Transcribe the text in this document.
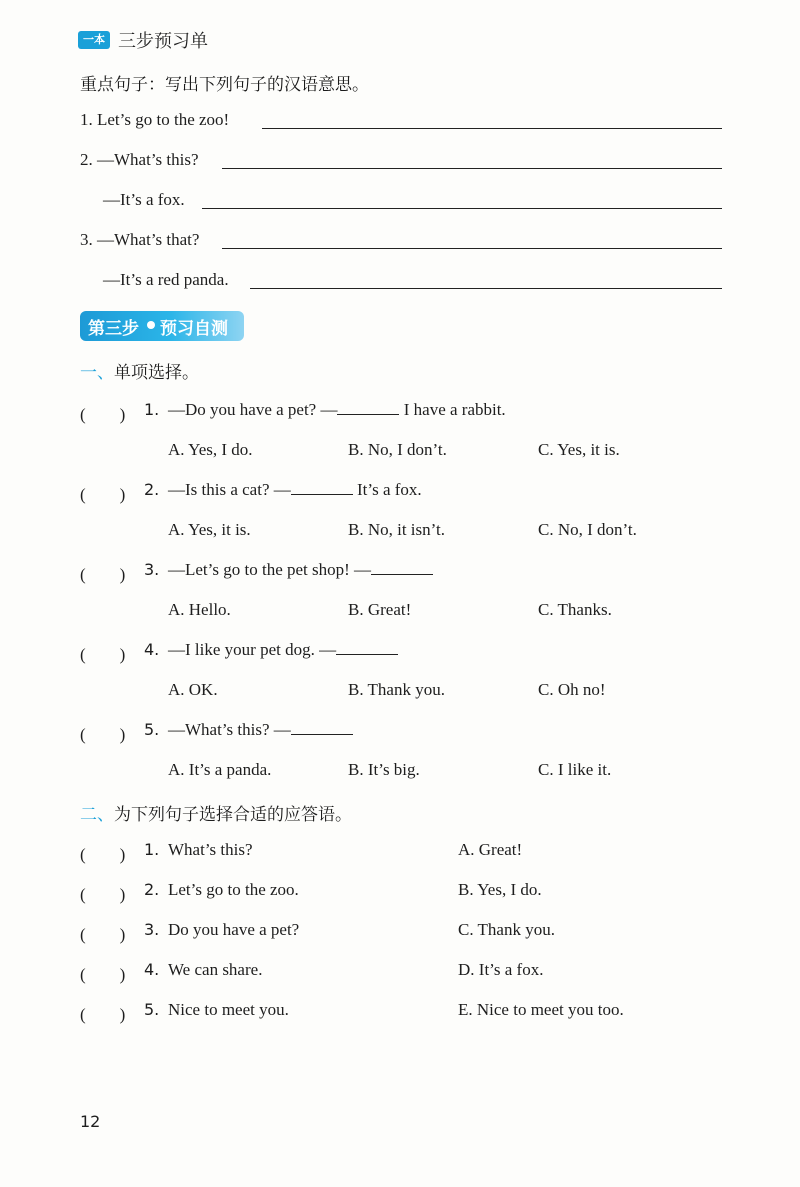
一本 三步预习单
重点句子：写出下列句子的汉语意思。
1. Let’s go to the zoo!
2. —What’s this?
—It’s a fox.
3. —What’s that?
—It’s a red panda.
第三步 预习自测
一、单项选择。
(　　) 1. —Do you have a pet? —	I have a rabbit.
A. Yes, I do.	B. No, I don’t.	C. Yes, it is.
(　　) 2. —Is this a cat? —	It’s a fox.
A. Yes, it is.	B. No, it isn’t.	C. No, I don’t.
(　　) 3. —Let’s go to the pet shop! —
A. Hello.	B. Great!	C. Thanks.
(　　) 4. —I like your pet dog. —
A. OK.	B. Thank you.	C. Oh no!
(　　) 5. —What’s this? —
A. It’s a panda.	B. It’s big.	C. I like it.
二、为下列句子选择合适的应答语。
(　　) 1. What’s this?	A. Great!
(　　) 2. Let’s go to the zoo.	B. Yes, I do.
(　　) 3. Do you have a pet?	C. Thank you.
(　　) 4. We can share.	D. It’s a fox.
(　　) 5. Nice to meet you.	E. Nice to meet you too.
12
